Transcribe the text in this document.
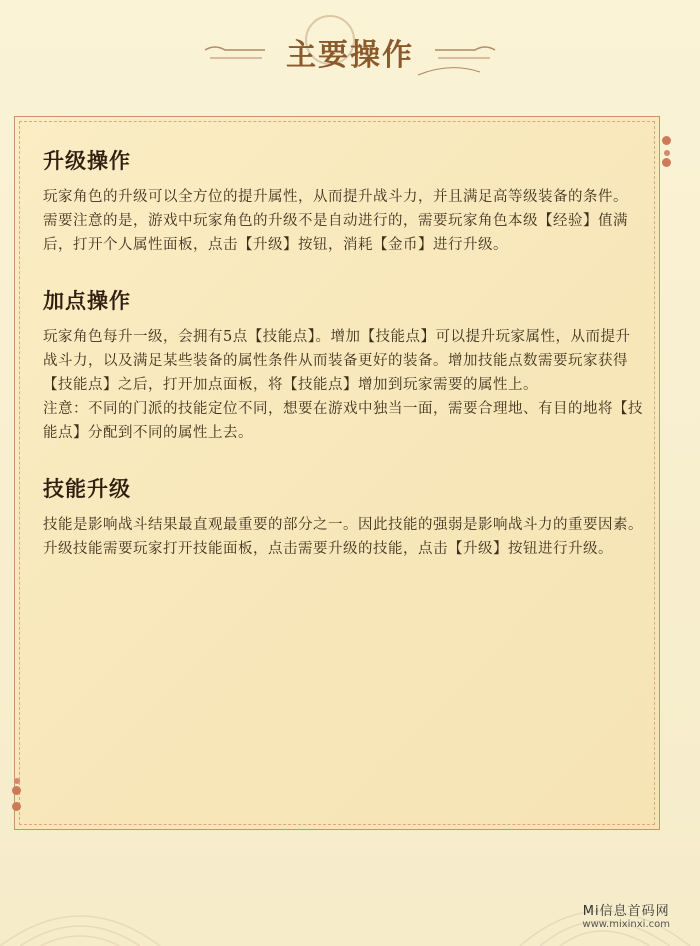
主要操作
升级操作

玩家角色的升级可以全方位的提升属性，从而提升战斗力，并且满足高等级装备的条件。

需要注意的是，游戏中玩家角色的升级不是自动进行的，需要玩家角色本级【经验】值满后，打开个人属性面板，点击【升级】按钮，消耗【金币】进行升级。

加点操作

玩家角色每升一级，会拥有5点【技能点】。增加【技能点】可以提升玩家属性，从而提升战斗力，以及满足某些装备的属性条件从而装备更好的装备。增加技能点数需要玩家获得【技能点】之后，打开加点面板，将【技能点】增加到玩家需要的属性上。

注意：不同的门派的技能定位不同，想要在游戏中独当一面，需要合理地、有目的地将【技能点】分配到不同的属性上去。

技能升级

技能是影响战斗结果最直观最重要的部分之一。因此技能的强弱是影响战斗力的重要因素。

升级技能需要玩家打开技能面板，点击需要升级的技能，点击【升级】按钮进行升级。

Mi信息首码网
www.mixinxi.com
